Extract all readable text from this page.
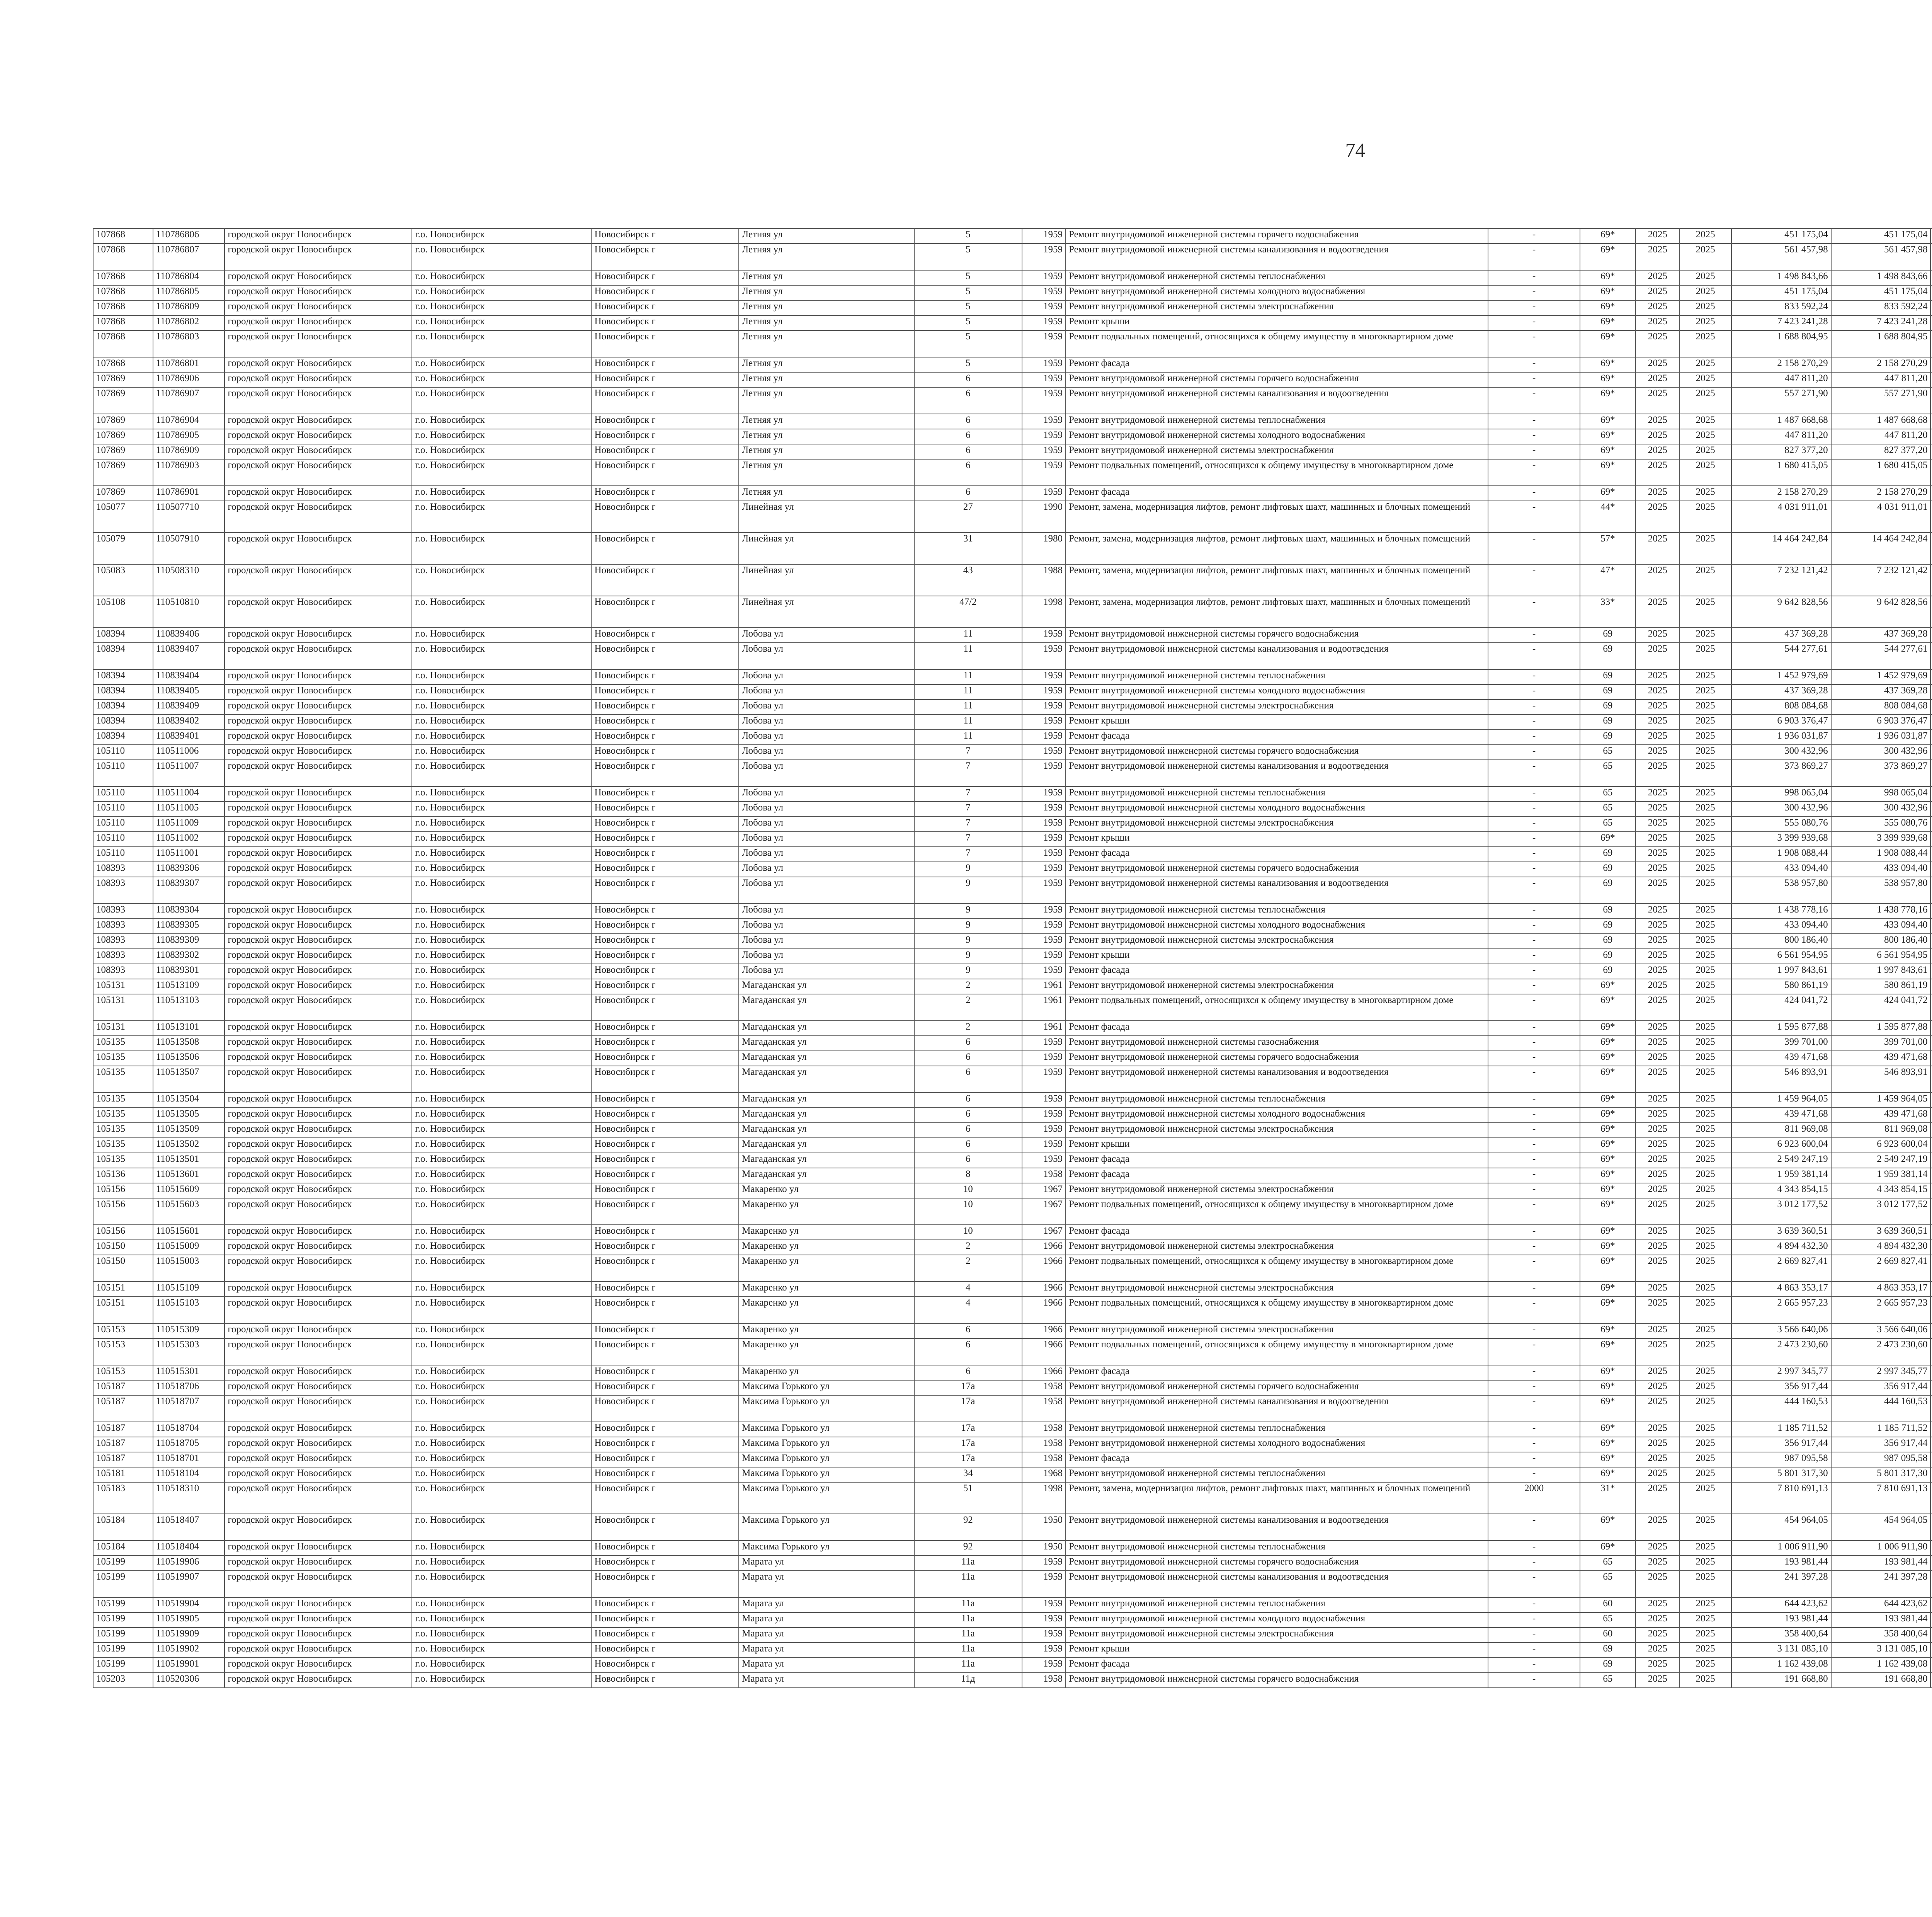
74
107868	110786806	городской округ Новосибирск	г.о. Новосибирск	Новосибирск г	Летняя ул	5	1959	Ремонт внутридомовой инженерной системы горячего водоснабжения	-	69*	2025	2025	451 175,04	451 175,04						
107868	110786807	городской округ Новосибирск	г.о. Новосибирск	Новосибирск г	Летняя ул	5	1959	Ремонт внутридомовой инженерной системы канализования и водоотведения	-	69*	2025	2025	561 457,98	561 457,98						
107868	110786804	городской округ Новосибирск	г.о. Новосибирск	Новосибирск г	Летняя ул	5	1959	Ремонт внутридомовой инженерной системы теплоснабжения	-	69*	2025	2025	1 498 843,66	1 498 843,66						
107868	110786805	городской округ Новосибирск	г.о. Новосибирск	Новосибирск г	Летняя ул	5	1959	Ремонт внутридомовой инженерной системы холодного водоснабжения	-	69*	2025	2025	451 175,04	451 175,04						
107868	110786809	городской округ Новосибирск	г.о. Новосибирск	Новосибирск г	Летняя ул	5	1959	Ремонт внутридомовой инженерной системы электроснабжения	-	69*	2025	2025	833 592,24	833 592,24						
107868	110786802	городской округ Новосибирск	г.о. Новосибирск	Новосибирск г	Летняя ул	5	1959	Ремонт крыши	-	69*	2025	2025	7 423 241,28	7 423 241,28						
107868	110786803	городской округ Новосибирск	г.о. Новосибирск	Новосибирск г	Летняя ул	5	1959	Ремонт подвальных помещений, относящихся к общему имуществу в многоквартирном доме	-	69*	2025	2025	1 688 804,95	1 688 804,95						
107868	110786801	городской округ Новосибирск	г.о. Новосибирск	Новосибирск г	Летняя ул	5	1959	Ремонт фасада	-	69*	2025	2025	2 158 270,29	2 158 270,29						
107869	110786906	городской округ Новосибирск	г.о. Новосибирск	Новосибирск г	Летняя ул	6	1959	Ремонт внутридомовой инженерной системы горячего водоснабжения	-	69*	2025	2025	447 811,20	447 811,20						
107869	110786907	городской округ Новосибирск	г.о. Новосибирск	Новосибирск г	Летняя ул	6	1959	Ремонт внутридомовой инженерной системы канализования и водоотведения	-	69*	2025	2025	557 271,90	557 271,90						
107869	110786904	городской округ Новосибирск	г.о. Новосибирск	Новосибирск г	Летняя ул	6	1959	Ремонт внутридомовой инженерной системы теплоснабжения	-	69*	2025	2025	1 487 668,68	1 487 668,68						
107869	110786905	городской округ Новосибирск	г.о. Новосибирск	Новосибирск г	Летняя ул	6	1959	Ремонт внутридомовой инженерной системы холодного водоснабжения	-	69*	2025	2025	447 811,20	447 811,20						
107869	110786909	городской округ Новосибирск	г.о. Новосибирск	Новосибирск г	Летняя ул	6	1959	Ремонт внутридомовой инженерной системы электроснабжения	-	69*	2025	2025	827 377,20	827 377,20						
107869	110786903	городской округ Новосибирск	г.о. Новосибирск	Новосибирск г	Летняя ул	6	1959	Ремонт подвальных помещений, относящихся к общему имуществу в многоквартирном доме	-	69*	2025	2025	1 680 415,05	1 680 415,05						
107869	110786901	городской округ Новосибирск	г.о. Новосибирск	Новосибирск г	Летняя ул	6	1959	Ремонт фасада	-	69*	2025	2025	2 158 270,29	2 158 270,29						
105077	110507710	городской округ Новосибирск	г.о. Новосибирск	Новосибирск г	Линейная ул	27	1990	Ремонт, замена, модернизация лифтов, ремонт лифтовых шахт, машинных и блочных помещений	-	44*	2025	2025	4 031 911,01	4 031 911,01						
105079	110507910	городской округ Новосибирск	г.о. Новосибирск	Новосибирск г	Линейная ул	31	1980	Ремонт, замена, модернизация лифтов, ремонт лифтовых шахт, машинных и блочных помещений	-	57*	2025	2025	14 464 242,84	14 464 242,84						
105083	110508310	городской округ Новосибирск	г.о. Новосибирск	Новосибирск г	Линейная ул	43	1988	Ремонт, замена, модернизация лифтов, ремонт лифтовых шахт, машинных и блочных помещений	-	47*	2025	2025	7 232 121,42	7 232 121,42						
105108	110510810	городской округ Новосибирск	г.о. Новосибирск	Новосибирск г	Линейная ул	47/2	1998	Ремонт, замена, модернизация лифтов, ремонт лифтовых шахт, машинных и блочных помещений	-	33*	2025	2025	9 642 828,56	9 642 828,56						
108394	110839406	городской округ Новосибирск	г.о. Новосибирск	Новосибирск г	Лобова ул	11	1959	Ремонт внутридомовой инженерной системы горячего водоснабжения	-	69	2025	2025	437 369,28	437 369,28						
108394	110839407	городской округ Новосибирск	г.о. Новосибирск	Новосибирск г	Лобова ул	11	1959	Ремонт внутридомовой инженерной системы канализования и водоотведения	-	69	2025	2025	544 277,61	544 277,61						
108394	110839404	городской округ Новосибирск	г.о. Новосибирск	Новосибирск г	Лобова ул	11	1959	Ремонт внутридомовой инженерной системы теплоснабжения	-	69	2025	2025	1 452 979,69	1 452 979,69						
108394	110839405	городской округ Новосибирск	г.о. Новосибирск	Новосибирск г	Лобова ул	11	1959	Ремонт внутридомовой инженерной системы холодного водоснабжения	-	69	2025	2025	437 369,28	437 369,28						
108394	110839409	городской округ Новосибирск	г.о. Новосибирск	Новосибирск г	Лобова ул	11	1959	Ремонт внутридомовой инженерной системы электроснабжения	-	69	2025	2025	808 084,68	808 084,68						
108394	110839402	городской округ Новосибирск	г.о. Новосибирск	Новосибирск г	Лобова ул	11	1959	Ремонт крыши	-	69	2025	2025	6 903 376,47	6 903 376,47						
108394	110839401	городской округ Новосибирск	г.о. Новосибирск	Новосибирск г	Лобова ул	11	1959	Ремонт фасада	-	69	2025	2025	1 936 031,87	1 936 031,87						
105110	110511006	городской округ Новосибирск	г.о. Новосибирск	Новосибирск г	Лобова ул	7	1959	Ремонт внутридомовой инженерной системы горячего водоснабжения	-	65	2025	2025	300 432,96	300 432,96						
105110	110511007	городской округ Новосибирск	г.о. Новосибирск	Новосибирск г	Лобова ул	7	1959	Ремонт внутридомовой инженерной системы канализования и водоотведения	-	65	2025	2025	373 869,27	373 869,27						
105110	110511004	городской округ Новосибирск	г.о. Новосибирск	Новосибирск г	Лобова ул	7	1959	Ремонт внутридомовой инженерной системы теплоснабжения	-	65	2025	2025	998 065,04	998 065,04						
105110	110511005	городской округ Новосибирск	г.о. Новосибирск	Новосибирск г	Лобова ул	7	1959	Ремонт внутридомовой инженерной системы холодного водоснабжения	-	65	2025	2025	300 432,96	300 432,96						
105110	110511009	городской округ Новосибирск	г.о. Новосибирск	Новосибирск г	Лобова ул	7	1959	Ремонт внутридомовой инженерной системы электроснабжения	-	65	2025	2025	555 080,76	555 080,76						
105110	110511002	городской округ Новосибирск	г.о. Новосибирск	Новосибирск г	Лобова ул	7	1959	Ремонт крыши	-	69*	2025	2025	3 399 939,68	3 399 939,68						
105110	110511001	городской округ Новосибирск	г.о. Новосибирск	Новосибирск г	Лобова ул	7	1959	Ремонт фасада	-	69	2025	2025	1 908 088,44	1 908 088,44						
108393	110839306	городской округ Новосибирск	г.о. Новосибирск	Новосибирск г	Лобова ул	9	1959	Ремонт внутридомовой инженерной системы горячего водоснабжения	-	69	2025	2025	433 094,40	433 094,40						
108393	110839307	городской округ Новосибирск	г.о. Новосибирск	Новосибирск г	Лобова ул	9	1959	Ремонт внутридомовой инженерной системы канализования и водоотведения	-	69	2025	2025	538 957,80	538 957,80						
108393	110839304	городской округ Новосибирск	г.о. Новосибирск	Новосибирск г	Лобова ул	9	1959	Ремонт внутридомовой инженерной системы теплоснабжения	-	69	2025	2025	1 438 778,16	1 438 778,16						
108393	110839305	городской округ Новосибирск	г.о. Новосибирск	Новосибирск г	Лобова ул	9	1959	Ремонт внутридомовой инженерной системы холодного водоснабжения	-	69	2025	2025	433 094,40	433 094,40						
108393	110839309	городской округ Новосибирск	г.о. Новосибирск	Новосибирск г	Лобова ул	9	1959	Ремонт внутридомовой инженерной системы электроснабжения	-	69	2025	2025	800 186,40	800 186,40						
108393	110839302	городской округ Новосибирск	г.о. Новосибирск	Новосибирск г	Лобова ул	9	1959	Ремонт крыши	-	69	2025	2025	6 561 954,95	6 561 954,95						
108393	110839301	городской округ Новосибирск	г.о. Новосибирск	Новосибирск г	Лобова ул	9	1959	Ремонт фасада	-	69	2025	2025	1 997 843,61	1 997 843,61						
105131	110513109	городской округ Новосибирск	г.о. Новосибирск	Новосибирск г	Магаданская ул	2	1961	Ремонт внутридомовой инженерной системы электроснабжения	-	69*	2025	2025	580 861,19	580 861,19						
105131	110513103	городской округ Новосибирск	г.о. Новосибирск	Новосибирск г	Магаданская ул	2	1961	Ремонт подвальных помещений, относящихся к общему имуществу в многоквартирном доме	-	69*	2025	2025	424 041,72	424 041,72						
105131	110513101	городской округ Новосибирск	г.о. Новосибирск	Новосибирск г	Магаданская ул	2	1961	Ремонт фасада	-	69*	2025	2025	1 595 877,88	1 595 877,88						
105135	110513508	городской округ Новосибирск	г.о. Новосибирск	Новосибирск г	Магаданская ул	6	1959	Ремонт внутридомовой инженерной системы газоснабжения	-	69*	2025	2025	399 701,00	399 701,00						
105135	110513506	городской округ Новосибирск	г.о. Новосибирск	Новосибирск г	Магаданская ул	6	1959	Ремонт внутридомовой инженерной системы горячего водоснабжения	-	69*	2025	2025	439 471,68	439 471,68						
105135	110513507	городской округ Новосибирск	г.о. Новосибирск	Новосибирск г	Магаданская ул	6	1959	Ремонт внутридомовой инженерной системы канализования и водоотведения	-	69*	2025	2025	546 893,91	546 893,91						
105135	110513504	городской округ Новосибирск	г.о. Новосибирск	Новосибирск г	Магаданская ул	6	1959	Ремонт внутридомовой инженерной системы теплоснабжения	-	69*	2025	2025	1 459 964,05	1 459 964,05						
105135	110513505	городской округ Новосибирск	г.о. Новосибирск	Новосибирск г	Магаданская ул	6	1959	Ремонт внутридомовой инженерной системы холодного водоснабжения	-	69*	2025	2025	439 471,68	439 471,68						
105135	110513509	городской округ Новосибирск	г.о. Новосибирск	Новосибирск г	Магаданская ул	6	1959	Ремонт внутридомовой инженерной системы электроснабжения	-	69*	2025	2025	811 969,08	811 969,08						
105135	110513502	городской округ Новосибирск	г.о. Новосибирск	Новосибирск г	Магаданская ул	6	1959	Ремонт крыши	-	69*	2025	2025	6 923 600,04	6 923 600,04						
105135	110513501	городской округ Новосибирск	г.о. Новосибирск	Новосибирск г	Магаданская ул	6	1959	Ремонт фасада	-	69*	2025	2025	2 549 247,19	2 549 247,19						
105136	110513601	городской округ Новосибирск	г.о. Новосибирск	Новосибирск г	Магаданская ул	8	1958	Ремонт фасада	-	69*	2025	2025	1 959 381,14	1 959 381,14						
105156	110515609	городской округ Новосибирск	г.о. Новосибирск	Новосибирск г	Макаренко ул	10	1967	Ремонт внутридомовой инженерной системы электроснабжения	-	69*	2025	2025	4 343 854,15	4 343 854,15						
105156	110515603	городской округ Новосибирск	г.о. Новосибирск	Новосибирск г	Макаренко ул	10	1967	Ремонт подвальных помещений, относящихся к общему имуществу в многоквартирном доме	-	69*	2025	2025	3 012 177,52	3 012 177,52						
105156	110515601	городской округ Новосибирск	г.о. Новосибирск	Новосибирск г	Макаренко ул	10	1967	Ремонт фасада	-	69*	2025	2025	3 639 360,51	3 639 360,51						
105150	110515009	городской округ Новосибирск	г.о. Новосибирск	Новосибирск г	Макаренко ул	2	1966	Ремонт внутридомовой инженерной системы электроснабжения	-	69*	2025	2025	4 894 432,30	4 894 432,30						
105150	110515003	городской округ Новосибирск	г.о. Новосибирск	Новосибирск г	Макаренко ул	2	1966	Ремонт подвальных помещений, относящихся к общему имуществу в многоквартирном доме	-	69*	2025	2025	2 669 827,41	2 669 827,41						
105151	110515109	городской округ Новосибирск	г.о. Новосибирск	Новосибирск г	Макаренко ул	4	1966	Ремонт внутридомовой инженерной системы электроснабжения	-	69*	2025	2025	4 863 353,17	4 863 353,17						
105151	110515103	городской округ Новосибирск	г.о. Новосибирск	Новосибирск г	Макаренко ул	4	1966	Ремонт подвальных помещений, относящихся к общему имуществу в многоквартирном доме	-	69*	2025	2025	2 665 957,23	2 665 957,23						
105153	110515309	городской округ Новосибирск	г.о. Новосибирск	Новосибирск г	Макаренко ул	6	1966	Ремонт внутридомовой инженерной системы электроснабжения	-	69*	2025	2025	3 566 640,06	3 566 640,06						
105153	110515303	городской округ Новосибирск	г.о. Новосибирск	Новосибирск г	Макаренко ул	6	1966	Ремонт подвальных помещений, относящихся к общему имуществу в многоквартирном доме	-	69*	2025	2025	2 473 230,60	2 473 230,60						
105153	110515301	городской округ Новосибирск	г.о. Новосибирск	Новосибирск г	Макаренко ул	6	1966	Ремонт фасада	-	69*	2025	2025	2 997 345,77	2 997 345,77						
105187	110518706	городской округ Новосибирск	г.о. Новосибирск	Новосибирск г	Максима Горького ул	17а	1958	Ремонт внутридомовой инженерной системы горячего водоснабжения	-	69*	2025	2025	356 917,44	356 917,44						
105187	110518707	городской округ Новосибирск	г.о. Новосибирск	Новосибирск г	Максима Горького ул	17а	1958	Ремонт внутридомовой инженерной системы канализования и водоотведения	-	69*	2025	2025	444 160,53	444 160,53						
105187	110518704	городской округ Новосибирск	г.о. Новосибирск	Новосибирск г	Максима Горького ул	17а	1958	Ремонт внутридомовой инженерной системы теплоснабжения	-	69*	2025	2025	1 185 711,52	1 185 711,52						
105187	110518705	городской округ Новосибирск	г.о. Новосибирск	Новосибирск г	Максима Горького ул	17а	1958	Ремонт внутридомовой инженерной системы холодного водоснабжения	-	69*	2025	2025	356 917,44	356 917,44						
105187	110518701	городской округ Новосибирск	г.о. Новосибирск	Новосибирск г	Максима Горького ул	17а	1958	Ремонт фасада	-	69*	2025	2025	987 095,58	987 095,58						
105181	110518104	городской округ Новосибирск	г.о. Новосибирск	Новосибирск г	Максима Горького ул	34	1968	Ремонт внутридомовой инженерной системы теплоснабжения	-	69*	2025	2025	5 801 317,30	5 801 317,30						
105183	110518310	городской округ Новосибирск	г.о. Новосибирск	Новосибирск г	Максима Горького ул	51	1998	Ремонт, замена, модернизация лифтов, ремонт лифтовых шахт, машинных и блочных помещений	2000	31*	2025	2025	7 810 691,13	7 810 691,13						
105184	110518407	городской округ Новосибирск	г.о. Новосибирск	Новосибирск г	Максима Горького ул	92	1950	Ремонт внутридомовой инженерной системы канализования и водоотведения	-	69*	2025	2025	454 964,05	454 964,05						
105184	110518404	городской округ Новосибирск	г.о. Новосибирск	Новосибирск г	Максима Горького ул	92	1950	Ремонт внутридомовой инженерной системы теплоснабжения	-	69*	2025	2025	1 006 911,90	1 006 911,90						
105199	110519906	городской округ Новосибирск	г.о. Новосибирск	Новосибирск г	Марата ул	11а	1959	Ремонт внутридомовой инженерной системы горячего водоснабжения	-	65	2025	2025	193 981,44	193 981,44						
105199	110519907	городской округ Новосибирск	г.о. Новосибирск	Новосибирск г	Марата ул	11а	1959	Ремонт внутридомовой инженерной системы канализования и водоотведения	-	65	2025	2025	241 397,28	241 397,28						
105199	110519904	городской округ Новосибирск	г.о. Новосибирск	Новосибирск г	Марата ул	11а	1959	Ремонт внутридомовой инженерной системы теплоснабжения	-	60	2025	2025	644 423,62	644 423,62						
105199	110519905	городской округ Новосибирск	г.о. Новосибирск	Новосибирск г	Марата ул	11а	1959	Ремонт внутридомовой инженерной системы холодного водоснабжения	-	65	2025	2025	193 981,44	193 981,44						
105199	110519909	городской округ Новосибирск	г.о. Новосибирск	Новосибирск г	Марата ул	11а	1959	Ремонт внутридомовой инженерной системы электроснабжения	-	60	2025	2025	358 400,64	358 400,64						
105199	110519902	городской округ Новосибирск	г.о. Новосибирск	Новосибирск г	Марата ул	11а	1959	Ремонт крыши	-	69	2025	2025	3 131 085,10	3 131 085,10						
105199	110519901	городской округ Новосибирск	г.о. Новосибирск	Новосибирск г	Марата ул	11а	1959	Ремонт фасада	-	69	2025	2025	1 162 439,08	1 162 439,08						
105203	110520306	городской округ Новосибирск	г.о. Новосибирск	Новосибирск г	Марата ул	11д	1958	Ремонт внутридомовой инженерной системы горячего водоснабжения	-	65	2025	2025	191 668,80	191 668,80						
